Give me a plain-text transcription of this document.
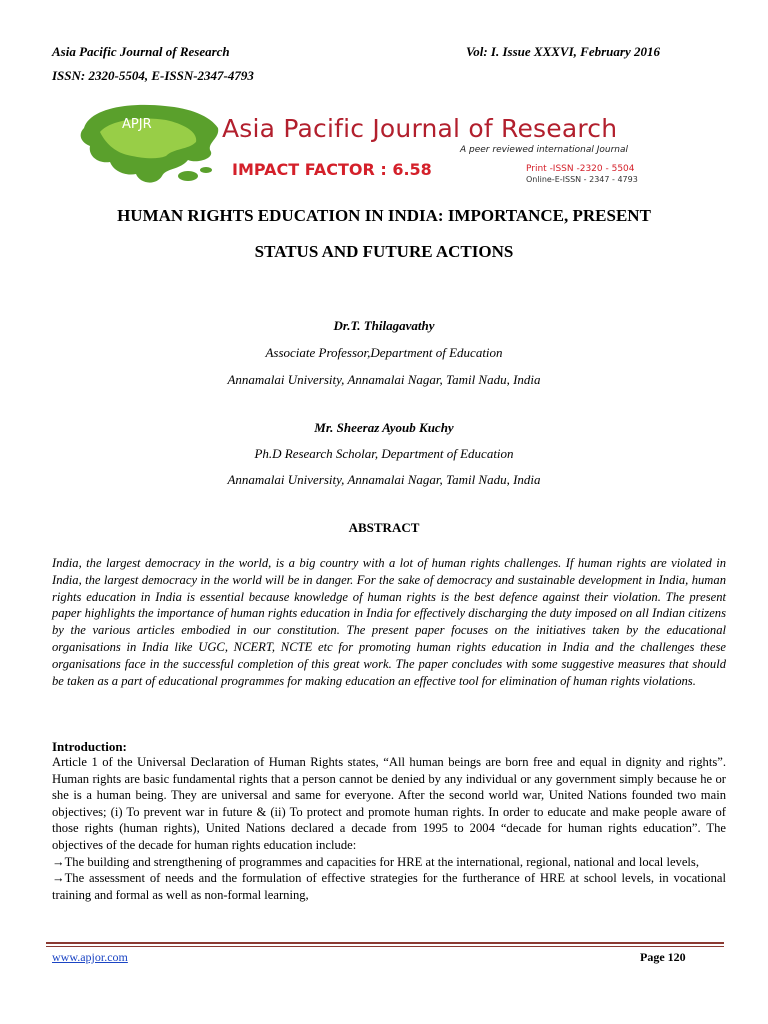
Asia Pacific Journal of Research
ISSN: 2320-5504, E-ISSN-2347-4793
Vol: I. Issue XXXVI, February 2016
APJR	Asia Pacific Journal of Research
A peer reviewed international Journal
IMPACT FACTOR : 6.58	Print -ISSN -2320 - 5504
Online-E-ISSN - 2347 - 4793
HUMAN RIGHTS EDUCATION IN INDIA: IMPORTANCE, PRESENT
STATUS AND FUTURE ACTIONS
Dr.T. Thilagavathy
Associate Professor,Department of Education
Annamalai University, Annamalai Nagar, Tamil Nadu, India
Mr. Sheeraz Ayoub Kuchy
Ph.D Research Scholar, Department of Education
Annamalai University, Annamalai Nagar, Tamil Nadu, India
ABSTRACT
India, the largest democracy in the world, is a big country with a lot of human rights challenges. If human rights are violated in India, the largest democracy in the world will be in danger. For the sake of democracy and sustainable development in India, human rights education in India is essential because knowledge of human rights is the best defence against their violation. The present paper highlights the importance of human rights education in India for effectively discharging the duty imposed on all Indian citizens by the various articles embodied in our constitution. The present paper focuses on the initiatives taken by the educational organisations in India like UGC, NCERT, NCTE etc for promoting human rights education in India and the challenges these organisations face in the successful completion of this great work. The paper concludes with some suggestive measures that should be taken as a part of educational programmes for making education an effective tool for elimination of human rights violations.
Introduction:

Article 1 of the Universal Declaration of Human Rights states, “All human beings are born free and equal in dignity and rights”. Human rights are basic fundamental rights that a person cannot be denied by any individual or any government simply because he or she is a human being. They are universal and same for everyone. After the second world war, United Nations founded two main objectives; (i) To prevent war in future & (ii) To protect and promote human rights. In order to educate and make people aware of those rights (human rights), United Nations declared a decade from 1995 to 2004 “decade for human rights education”. The objectives of the decade for human rights education include:

→The building and strengthening of programmes and capacities for HRE at the international, regional, national and local levels,

→The assessment of needs and the formulation of effective strategies for the furtherance of HRE at school levels, in vocational training and formal as well as non-formal learning,

www.apjor.com	Page 120
